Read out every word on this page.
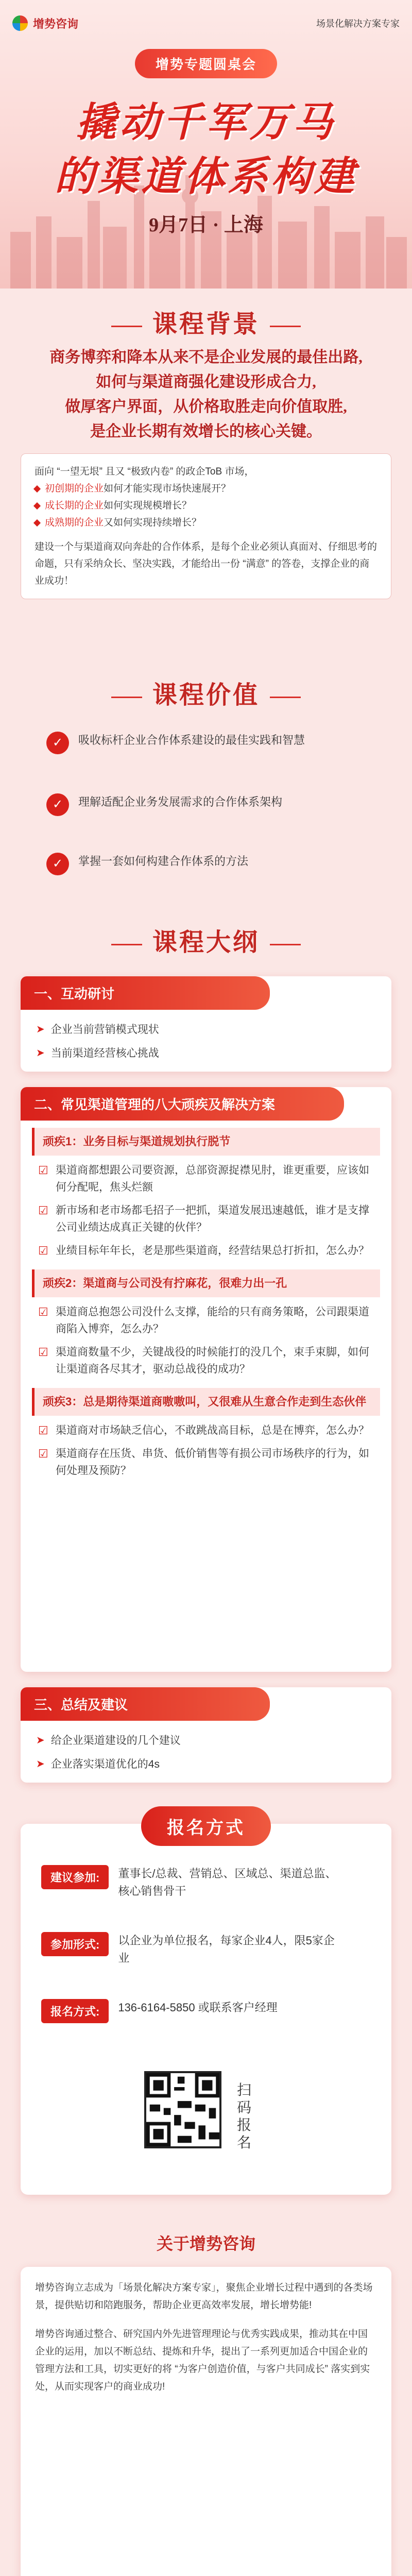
增势咨询	场景化解决方案专家
增势专题圆桌会
撬动千军万马
的渠道体系构建
9月7日 · 上海
课程背景
商务博弈和降本从来不是企业发展的最佳出路,
如何与渠道商强化建设形成合力,
做厚客户界面，从价格取胜走向价值取胜,
是企业长期有效增长的核心关键。
面向 “一望无垠” 且又 “极致内卷” 的政企ToB 市场，
初创期的企业如何才能实现市场快速展开？
成长期的企业如何实现规模增长？
成熟期的企业又如何实现持续增长？
建设一个与渠道商双向奔赴的合作体系，是每个企业必须认真面对、仔细思考的命题，只有采纳众长、坚决实践，才能给出一份 “满意” 的答卷，支撑企业的商业成功！
课程价值
✓	吸收标杆企业合作体系建设的最佳实践和智慧
✓	理解适配企业务发展需求的合作体系架构
✓	掌握一套如何构建合作体系的方法
课程大纲
一、互动研讨
➤ 企业当前营销模式现状
➤ 当前渠道经营核心挑战
二、常见渠道管理的八大顽疾及解决方案
顽疾1：业务目标与渠道规划执行脱节
☑ 渠道商都想跟公司要资源，总部资源捉襟见肘，谁更重要，应该如何分配呢，焦头烂额
☑ 新市场和老市场都毛招子一把抓，渠道发展迅速越低，谁才是支撑公司业绩达成真正关键的伙伴？
☑ 业绩目标年年长，老是那些渠道商，经营结果总打折扣，怎么办？
顽疾2：渠道商与公司没有拧麻花，很难力出一孔
☑ 渠道商总抱怨公司没什么支撑，能给的只有商务策略，公司跟渠道商陷入博弈，怎么办？
☑ 渠道商数量不少，关键战役的时候能打的没几个，束手束脚，如何让渠道商各尽其才，驱动总战役的成功？
顽疾3：总是期待渠道商嗷嗷叫，又很难从生意合作走到生态伙伴
☑ 渠道商对市场缺乏信心，不敢跳战高目标，总是在博弈，怎么办？
☑ 渠道商存在压货、串货、低价销售等有损公司市场秩序的行为，如何处理及预防？
三、总结及建议
➤ 给企业渠道建设的几个建议
➤ 企业落实渠道优化的4s
报名方式
建议参加:	董事长/总裁、营销总、区域总、渠道总监、核心销售骨干
参加形式:	以企业为单位报名，每家企业4人，限5家企业
报名方式:	136-6164-5850 或联系客户经理
扫码报名
关于增势咨询
增势咨询立志成为「场景化解决方案专家」，聚焦企业增长过程中遇到的各类场景，提供贴切和陪跑服务，帮助企业更高效率发展，增长增势能!
增势咨询通过整合、研究国内外先进管理理论与优秀实践成果，推动其在中国企业的运用，加以不断总结、提炼和升华，提出了一系列更加适合中国企业的管理方法和工具，切实更好的将 “为客户创造价值，与客户共同成长” 落实到实处，从而实现客户的商业成功!
